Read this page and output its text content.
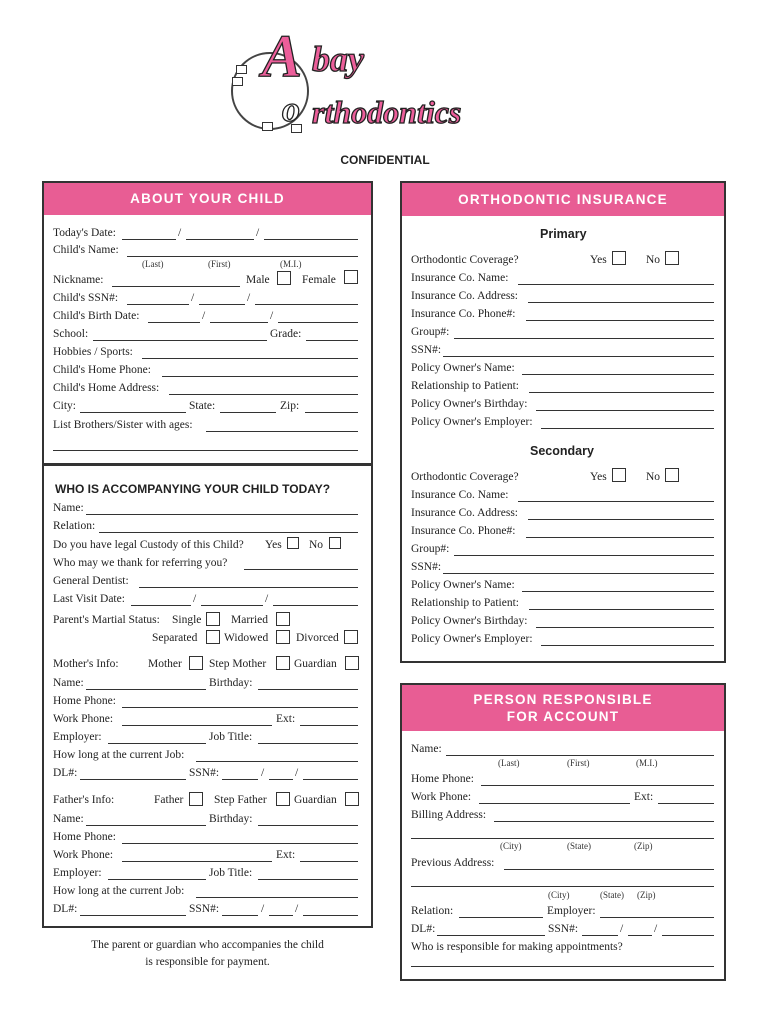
A bay
o rthodontics
CONFIDENTIAL
ABOUT YOUR CHILD
Today's Date:	/	/
Child's Name:
(Last)	(First)	(M.I.)
Nickname:	Male	Female
Child's SSN#:	/	/
Child's Birth Date:	/	/
School:	Grade:
Hobbies / Sports:
Child's Home Phone:
Child's Home Address:
City:	State:	Zip:
List Brothers/Sister with ages:
WHO IS ACCOMPANYING YOUR CHILD TODAY?
Name:
Relation:
Do you have legal Custody of this Child? Yes No
Who may we thank for referring you?
General Dentist:
Last Visit Date:	/	/
Parent's Martial Status: Single	Married
Separated Widowed Divorced
Mother's Info:	Mother Step Mother Guardian
Name:	Birthday:
Home Phone:
Work Phone:	Ext:
Employer:	Job Title:
How long at the current Job:
DL#:	SSN#:	/	/
Father's Info:	Father	Step Father Guardian
Name:	Birthday:
Home Phone:
Work Phone:	Ext:
Employer:	Job Title:
How long at the current Job:
DL#:	SSN#:	/	/
The parent or guardian who accompanies the child
is responsible for payment.
ORTHODONTIC INSURANCE
Primary
Orthodontic Coverage?	Yes	No
Insurance Co. Name:
Insurance Co. Address:
Insurance Co. Phone#:
Group#:
SSN#:
Policy Owner's Name:
Relationship to Patient:
Policy Owner's Birthday:
Policy Owner's Employer:
Secondary
Orthodontic Coverage?	Yes	No
Insurance Co. Name:
Insurance Co. Address:
Insurance Co. Phone#:
Group#:
SSN#:
Policy Owner's Name:
Relationship to Patient:
Policy Owner's Birthday:
Policy Owner's Employer:
PERSON RESPONSIBLE
FOR ACCOUNT
Name:
(Last)	(First)	(M.I.)
Home Phone:
Work Phone:	Ext:
Billing Address:
(City)	(State)	(Zip)
Previous Address:
(City)	(State) (Zip)
Relation:	Employer:
DL#:	SSN#:	/	/
Who is responsible for making appointments?
